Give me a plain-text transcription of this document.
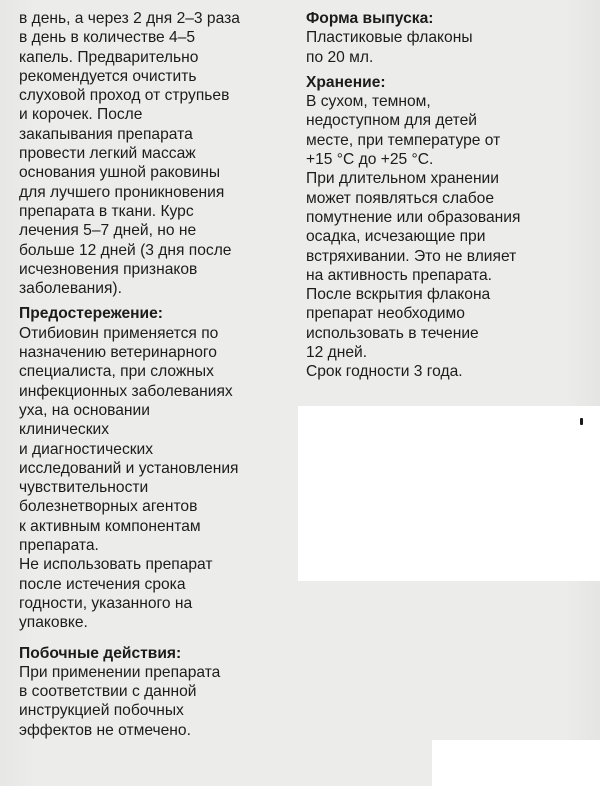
в день, а через 2 дня 2–3 раза
в день в количестве 4–5
капель. Предварительно
рекомендуется очистить
слуховой проход от струпьев
и корочек. После
закапывания препарата
провести легкий массаж
основания ушной раковины
для лучшего проникновения
препарата в ткани. Курс
лечения 5–7 дней, но не
больше 12 дней (3 дня после
исчезновения признаков
заболевания).

Предостережение:

Отибиовин применяется по
назначению ветеринарного
специалиста, при сложных
инфекционных заболеваниях
уха, на основании
клинических
и диагностических
исследований и установления
чувствительности
болезнетворных агентов
к активным компонентам
препарата.
Не использовать препарат
после истечения срока
годности, указанного на
упаковке.

Побочные действия:

При применении препарата
в соответствии с данной
инструкцией побочных
эффектов не отмечено.

Форма выпуска:

Пластиковые флаконы
по 20 мл.

Хранение:

В сухом, темном,
недоступном для детей
месте, при температуре от
+15 °С до +25 °С.
При длительном хранении
может появляться слабое
помутнение или образования
осадка, исчезающие при
встряхивании. Это не влияет
на активность препарата.
После вскрытия флакона
препарат необходимо
использовать в течение
12 дней.
Срок годности 3 года.
